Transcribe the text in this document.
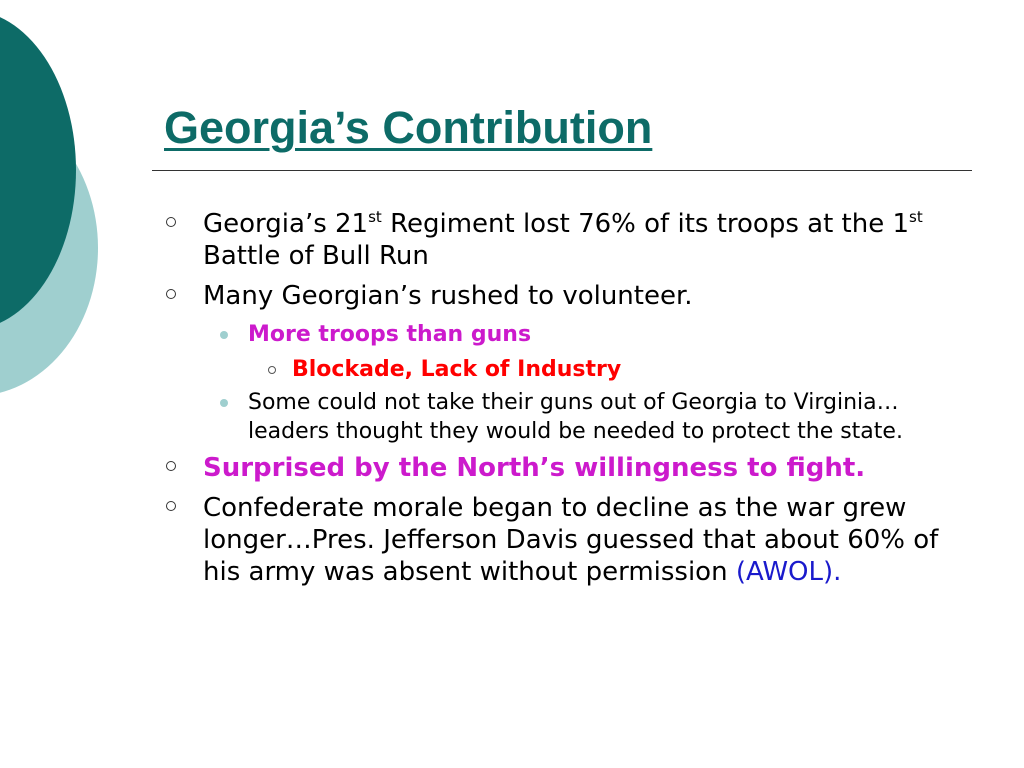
Georgia’s Contribution
Georgia’s 21st Regiment lost 76% of its troops at the 1st Battle of Bull Run
Many Georgian’s rushed to volunteer.
More troops than guns
Blockade, Lack of Industry
Some could not take their guns out of Georgia to Virginia…leaders thought they would be needed to protect the state.
Surprised by the North’s willingness to fight.
Confederate morale began to decline as the war grew longer…Pres. Jefferson Davis guessed that about 60% of his army was absent without permission (AWOL).
